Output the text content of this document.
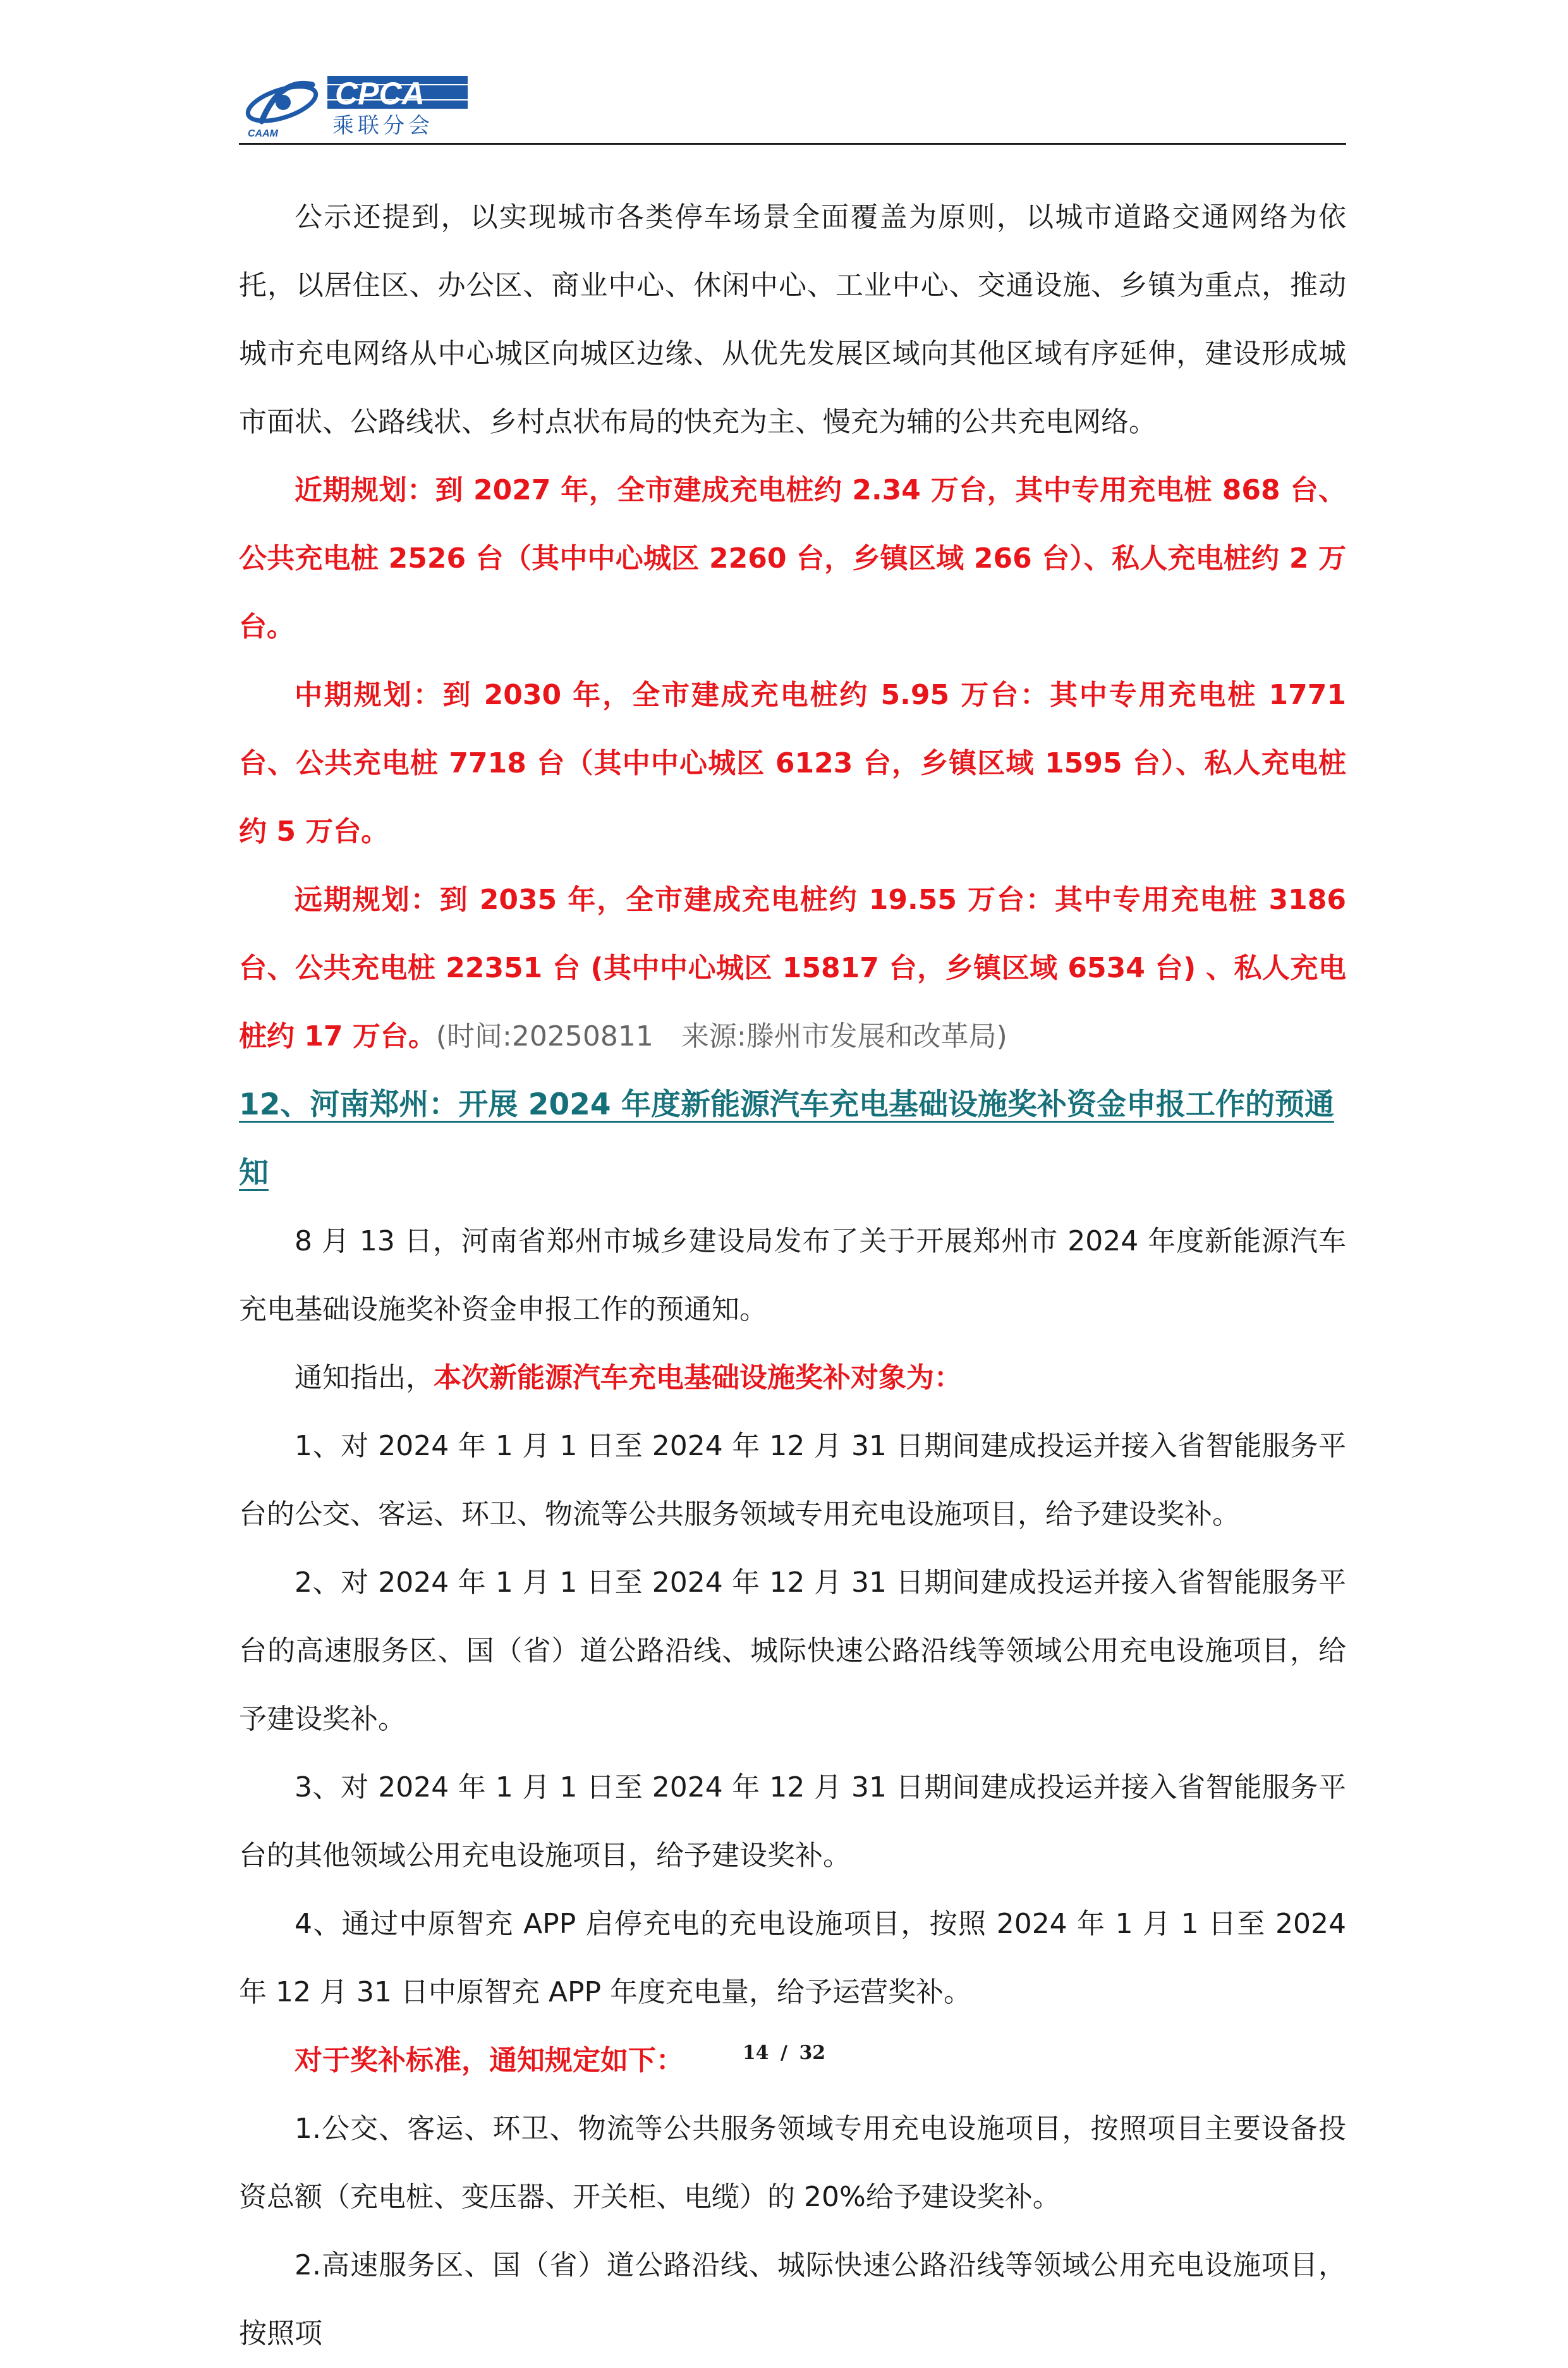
CAAM
CPCA
乘联分会

公示还提到，以实现城市各类停车场景全面覆盖为原则，以城市道路交通网络为依托，以居住区、办公区、商业中心、休闲中心、工业中心、交通设施、乡镇为重点，推动城市充电网络从中心城区向城区边缘、从优先发展区域向其他区域有序延伸，建设形成城市面状、公路线状、乡村点状布局的快充为主、慢充为辅的公共充电网络。

近期规划：到 2027 年，全市建成充电桩约 2.34 万台，其中专用充电桩 868 台、公共充电桩 2526 台（其中中心城区 2260 台，乡镇区域 266 台）、私人充电桩约 2 万台。

中期规划：到 2030 年，全市建成充电桩约 5.95 万台：其中专用充电桩 1771 台、公共充电桩 7718 台（其中中心城区 6123 台，乡镇区域 1595 台）、私人充电桩约 5 万台。

远期规划：到 2035 年，全市建成充电桩约 19.55 万台：其中专用充电桩 3186 台、公共充电桩 22351 台 (其中中心城区 15817 台，乡镇区域 6534 台) 、私人充电桩约 17 万台。(时间:20250811　来源:滕州市发展和改革局)

12、河南郑州：开展 2024 年度新能源汽车充电基础设施奖补资金申报工作的预通知

8 月 13 日，河南省郑州市城乡建设局发布了关于开展郑州市 2024 年度新能源汽车充电基础设施奖补资金申报工作的预通知。

通知指出，本次新能源汽车充电基础设施奖补对象为：

1、对 2024 年 1 月 1 日至 2024 年 12 月 31 日期间建成投运并接入省智能服务平台的公交、客运、环卫、物流等公共服务领域专用充电设施项目，给予建设奖补。

2、对 2024 年 1 月 1 日至 2024 年 12 月 31 日期间建成投运并接入省智能服务平台的高速服务区、国（省）道公路沿线、城际快速公路沿线等领域公用充电设施项目，给予建设奖补。

3、对 2024 年 1 月 1 日至 2024 年 12 月 31 日期间建成投运并接入省智能服务平台的其他领域公用充电设施项目，给予建设奖补。

4、通过中原智充 APP 启停充电的充电设施项目，按照 2024 年 1 月 1 日至 2024 年 12 月 31 日中原智充 APP 年度充电量，给予运营奖补。

对于奖补标准，通知规定如下：

1.公交、客运、环卫、物流等公共服务领域专用充电设施项目，按照项目主要设备投资总额（充电桩、变压器、开关柜、电缆）的 20%给予建设奖补。

2.高速服务区、国（省）道公路沿线、城际快速公路沿线等领域公用充电设施项目，按照项

14 / 32
